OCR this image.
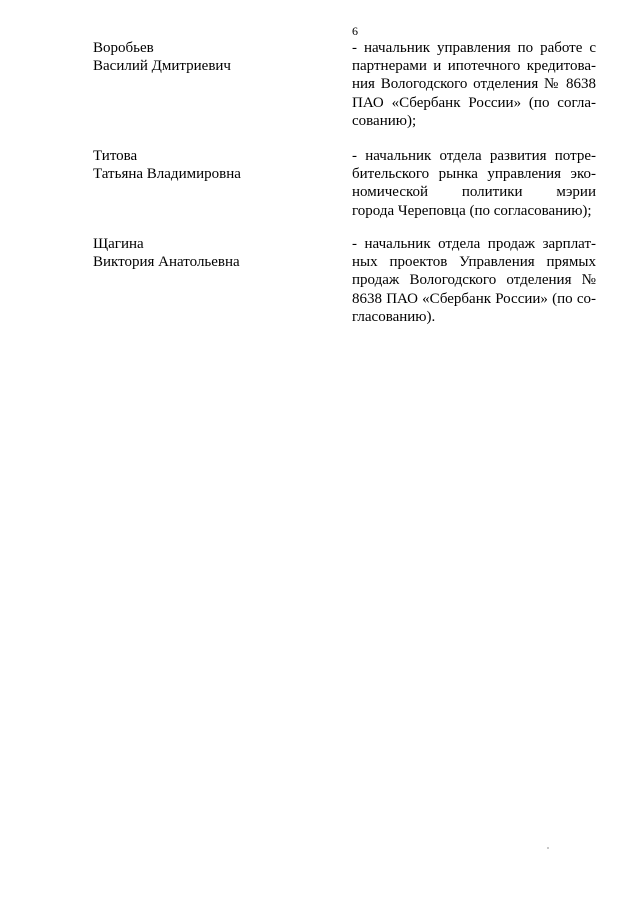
6
Воробьев
Василий Дмитриевич
- начальник управления по работе с
партнерами и ипотечного кредитова-
ния Вологодского отделения № 8638
ПАО «Сбербанк России» (по согла-
сованию);
Титова
Татьяна Владимировна
- начальник отдела развития потре-
бительского рынка управления эко-
номической политики мэрии
города Череповца (по согласованию);
Щагина
Виктория Анатольевна
- начальник отдела продаж зарплат-
ных проектов Управления прямых
продаж Вологодского отделения №
8638 ПАО «Сбербанк России» (по со-
гласованию).
